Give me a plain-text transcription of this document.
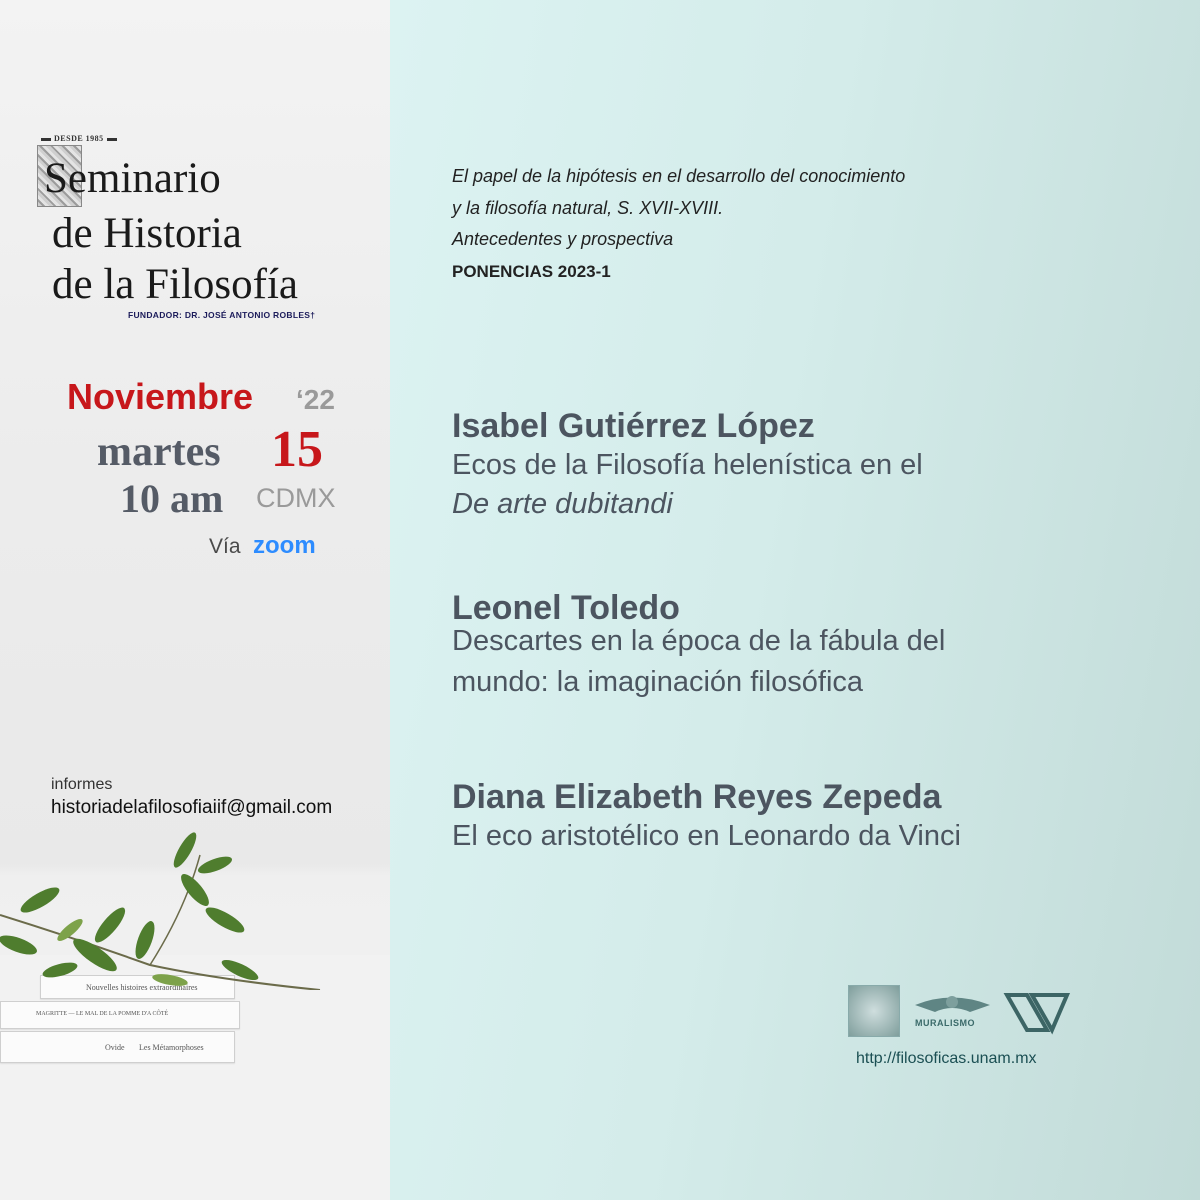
DESDE 1985
Seminario
de Historia
de la Filosofía
FUNDADOR: DR. JOSÉ ANTONIO ROBLES†
Noviembre ‘22
martes 15
10 am CDMX
Vía zoom
informes
historiadelafilosofiaiif@gmail.com
Nouvelles histoires extraordinaires
MAGRITTE — LE MAL DE LA POMME D'A CÔTÉ
Ovide Les Métamorphoses
El papel de la hipótesis en el desarrollo del conocimiento
y la filosofía natural, S. XVII-XVIII.
Antecedentes y prospectiva
PONENCIAS 2023-1
Isabel Gutiérrez López
Ecos de la Filosofía helenística en el
De arte dubitandi
Leonel Toledo
Descartes en la época de la fábula del
mundo: la imaginación filosófica
Diana Elizabeth Reyes Zepeda
El eco aristotélico en Leonardo da Vinci
MURALISMO
http://filosoficas.unam.mx
